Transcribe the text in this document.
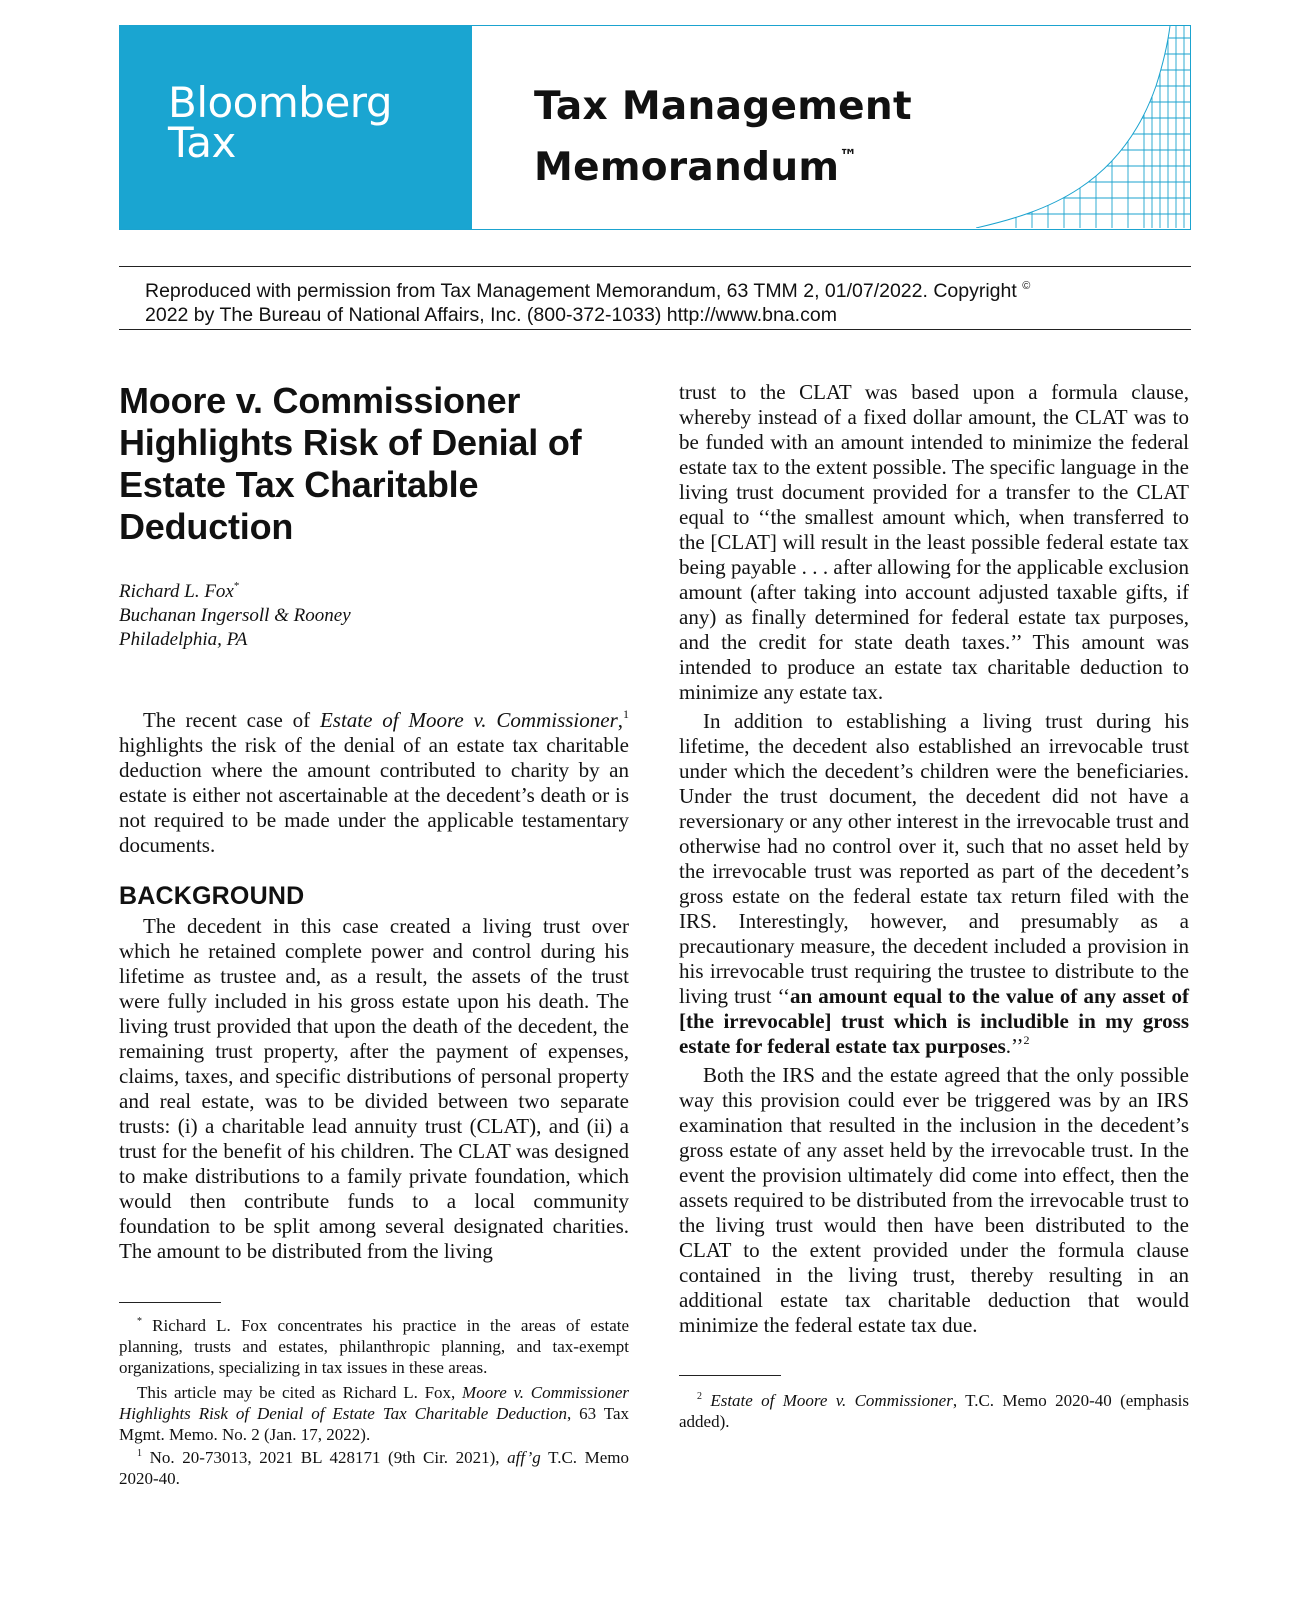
Bloomberg
Tax
Tax Management
Memorandum™

Reproduced with permission from Tax Management Memorandum, 63 TMM 2, 01/07/2022. Copyright ©
2022 by The Bureau of National Affairs, Inc. (800-372-1033) http://www.bna.com

Moore v. Commissioner Highlights Risk of Denial of Estate Tax Charitable Deduction
Richard L. Fox*
Buchanan Ingersoll & Rooney
Philadelphia, PA

The recent case of Estate of Moore v. Commissioner,$^1$ highlights the risk of the denial of an estate tax charitable deduction where the amount contributed to charity by an estate is either not ascertainable at the decedent’s death or is not required to be made under the applicable testamentary documents.

BACKGROUND

The decedent in this case created a living trust over which he retained complete power and control during his lifetime as trustee and, as a result, the assets of the trust were fully included in his gross estate upon his death. The living trust provided that upon the death of the decedent, the remaining trust property, after the payment of expenses, claims, taxes, and specific distributions of personal property and real estate, was to be divided between two separate trusts: (i) a charitable lead annuity trust (CLAT), and (ii) a trust for the benefit of his children. The CLAT was designed to make distributions to a family private foundation, which would then contribute funds to a local community foundation to be split among several designated charities. The amount to be distributed from the living

* Richard L. Fox concentrates his practice in the areas of estate planning, trusts and estates, philanthropic planning, and tax-exempt organizations, specializing in tax issues in these areas.

This article may be cited as Richard L. Fox, Moore v. Commissioner Highlights Risk of Denial of Estate Tax Charitable Deduction, 63 Tax Mgmt. Memo. No. 2 (Jan. 17, 2022).

$^1$ No. 20-73013, 2021 BL 428171 (9th Cir. 2021), aff’g T.C. Memo 2020-40.

trust to the CLAT was based upon a formula clause, whereby instead of a fixed dollar amount, the CLAT was to be funded with an amount intended to minimize the federal estate tax to the extent possible. The specific language in the living trust document provided for a transfer to the CLAT equal to ‘‘the smallest amount which, when transferred to the [CLAT] will result in the least possible federal estate tax being payable . . . after allowing for the applicable exclusion amount (after taking into account adjusted taxable gifts, if any) as finally determined for federal estate tax purposes, and the credit for state death taxes.’’ This amount was intended to produce an estate tax charitable deduction to minimize any estate tax.

In addition to establishing a living trust during his lifetime, the decedent also established an irrevocable trust under which the decedent’s children were the beneficiaries. Under the trust document, the decedent did not have a reversionary or any other interest in the irrevocable trust and otherwise had no control over it, such that no asset held by the irrevocable trust was reported as part of the decedent’s gross estate on the federal estate tax return filed with the IRS. Interestingly, however, and presumably as a precautionary measure, the decedent included a provision in his irrevocable trust requiring the trustee to distribute to the living trust ‘‘an amount equal to the value of any asset of [the irrevocable] trust which is includible in my gross estate for federal estate tax purposes.’’$^2$

Both the IRS and the estate agreed that the only possible way this provision could ever be triggered was by an IRS examination that resulted in the inclusion in the decedent’s gross estate of any asset held by the irrevocable trust. In the event the provision ultimately did come into effect, then the assets required to be distributed from the irrevocable trust to the living trust would then have been distributed to the CLAT to the extent provided under the formula clause contained in the living trust, thereby resulting in an additional estate tax charitable deduction that would minimize the federal estate tax due.

$^2$ Estate of Moore v. Commissioner, T.C. Memo 2020-40 (emphasis added).
